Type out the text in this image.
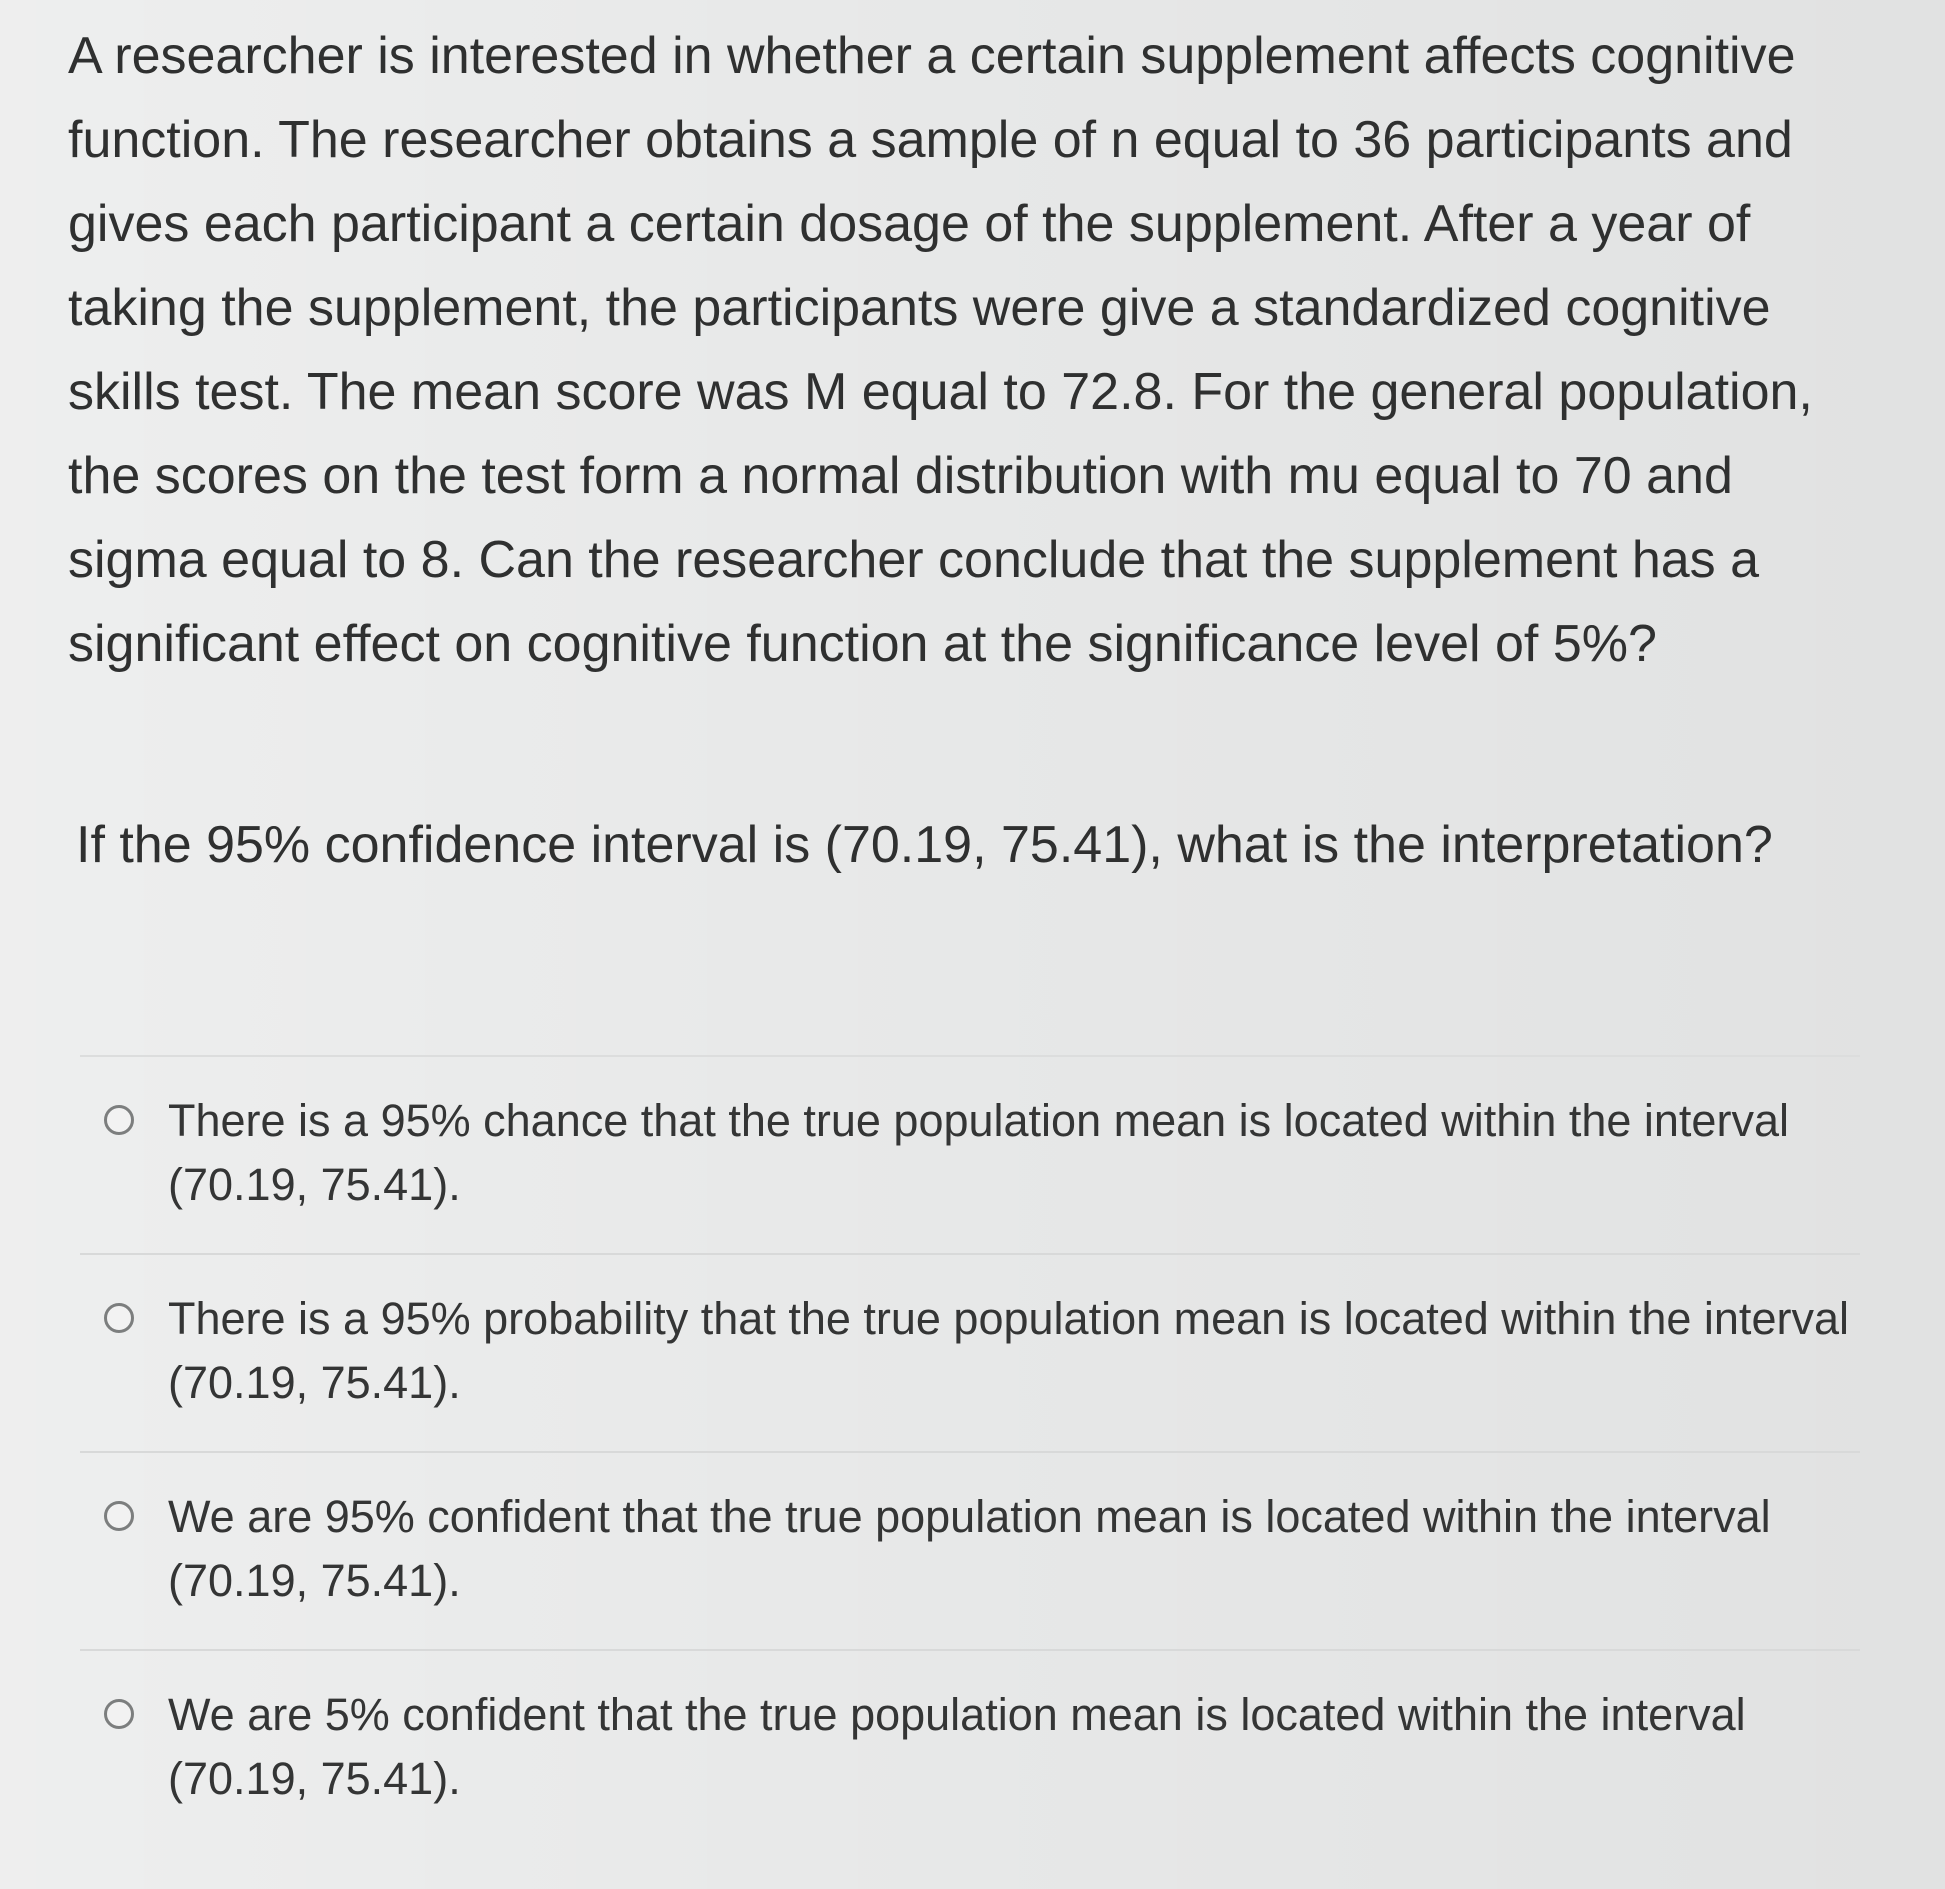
A researcher is interested in whether a certain supplement affects cognitive function. The researcher obtains a sample of n equal to 36 participants and gives each participant a certain dosage of the supplement. After a year of taking the supplement, the participants were give a standardized cognitive skills test. The mean score was M equal to 72.8. For the general population, the scores on the test form a normal distribution with mu equal to 70 and sigma equal to 8. Can the researcher conclude that the supplement has a significant effect on cognitive function at the significance level of 5%?

If the 95% confidence interval is (70.19, 75.41), what is the interpretation?

There is a 95% chance that the true population mean is located within the interval (70.19, 75.41).
There is a 95% probability that the true population mean is located within the interval (70.19, 75.41).
We are 95% confident that the true population mean is located within the interval (70.19, 75.41).
We are 5% confident that the true population mean is located within the interval (70.19, 75.41).
